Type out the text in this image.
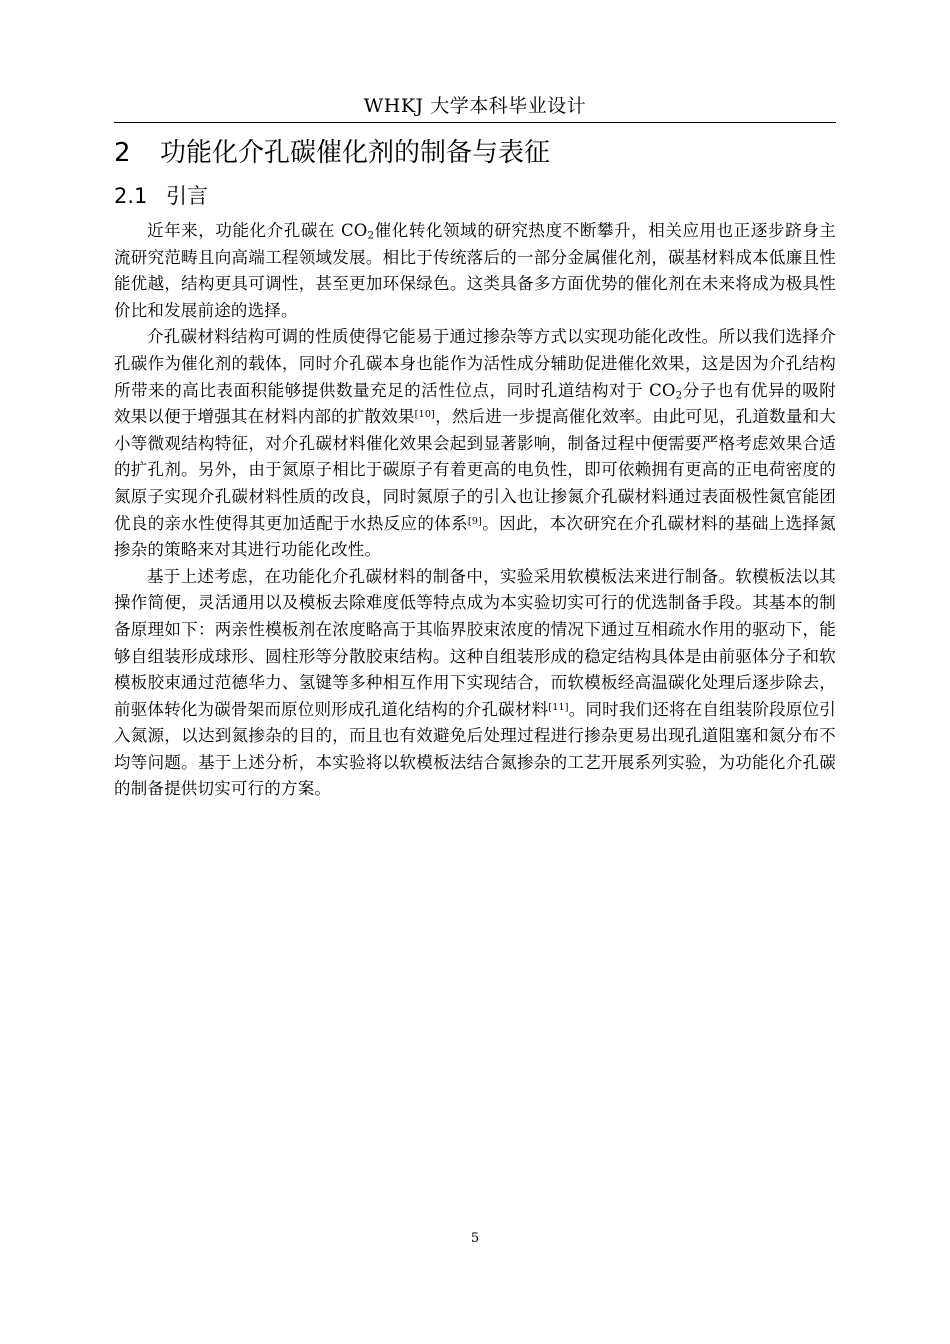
WHKJ 大学本科毕业设计
2 功能化介孔碳催化剂的制备与表征
2.1 引言

近年来，功能化介孔碳在 $CO_2$催化转化领域的研究热度不断攀升，相关应用也正逐步跻身主流研究范畴且向高端工程领域发展。相比于传统落后的一部分金属催化剂，碳基材料成本低廉且性能优越，结构更具可调性，甚至更加环保绿色。这类具备多方面优势的催化剂在未来将成为极具性价比和发展前途的选择。

介孔碳材料结构可调的性质使得它能易于通过掺杂等方式以实现功能化改性。所以我们选择介孔碳作为催化剂的载体，同时介孔碳本身也能作为活性成分辅助促进催化效果，这是因为介孔结构所带来的高比表面积能够提供数量充足的活性位点，同时孔道结构对于 $CO_2$分子也有优异的吸附效果以便于增强其在材料内部的扩散效果[10]，然后进一步提高催化效率。由此可见，孔道数量和大小等微观结构特征，对介孔碳材料催化效果会起到显著影响，制备过程中便需要严格考虑效果合适的扩孔剂。另外，由于氮原子相比于碳原子有着更高的电负性，即可依赖拥有更高的正电荷密度的氮原子实现介孔碳材料性质的改良，同时氮原子的引入也让掺氮介孔碳材料通过表面极性氮官能团优良的亲水性使得其更加适配于水热反应的体系[9]。因此，本次研究在介孔碳材料的基础上选择氮掺杂的策略来对其进行功能化改性。

基于上述考虑，在功能化介孔碳材料的制备中，实验采用软模板法来进行制备。软模板法以其操作简便，灵活通用以及模板去除难度低等特点成为本实验切实可行的优选制备手段。其基本的制备原理如下：两亲性模板剂在浓度略高于其临界胶束浓度的情况下通过互相疏水作用的驱动下，能够自组装形成球形、圆柱形等分散胶束结构。这种自组装形成的稳定结构具体是由前驱体分子和软模板胶束通过范德华力、氢键等多种相互作用下实现结合，而软模板经高温碳化处理后逐步除去，前驱体转化为碳骨架而原位则形成孔道化结构的介孔碳材料[11]。同时我们还将在自组装阶段原位引入氮源，以达到氮掺杂的目的，而且也有效避免后处理过程进行掺杂更易出现孔道阻塞和氮分布不均等问题。基于上述分析，本实验将以软模板法结合氮掺杂的工艺开展系列实验，为功能化介孔碳的制备提供切实可行的方案。

5
